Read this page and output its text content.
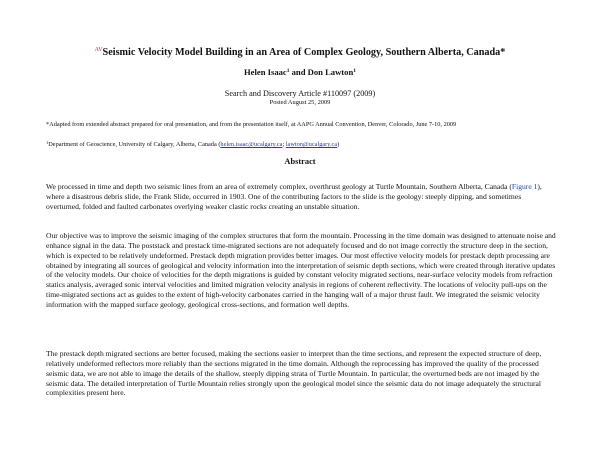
$^{AV}$Seismic Velocity Model Building in an Area of Complex Geology, Southern Alberta, Canada*
Helen Isaac$^1$ and Don Lawton$^1$
Search and Discovery Article #110097 (2009)
Posted August 25, 2009
*Adapted from extended abstract prepared for oral presentation, and from the presentation itself, at AAPG Annual Convention, Denver, Colorado, June 7-10, 2009
$^1$Department of Geoscience, University of Calgary, Alberta, Canada (helen.isaac@ucalgary.ca; lawton@ucalgary.ca)
Abstract
We processed in time and depth two seismic lines from an area of extremely complex, overthrust geology at Turtle Mountain, Southern Alberta, Canada (Figure 1), where a disastrous debris slide, the Frank Slide, occurred in 1903. One of the contributing factors to the slide is the geology: steeply dipping, and sometimes overturned, folded and faulted carbonates overlying weaker clastic rocks creating an unstable situation.
Our objective was to improve the seismic imaging of the complex structures that form the mountain. Processing in the time domain was designed to attenuate noise and enhance signal in the data. The poststack and prestack time-migrated sections are not adequately focused and do not image correctly the structure deep in the section, which is expected to be relatively undeformed. Prestack depth migration provides better images. Our most effective velocity models for prestack depth processing are obtained by integrating all sources of geological and velocity information into the interpretation of seismic depth sections, which were created through iterative updates of the velocity models. Our choice of velocities for the depth migrations is guided by constant velocity migrated sections, near-surface velocity models from refraction statics analysis, averaged sonic interval velocities and limited migration velocity analysis in regions of coherent reflectivity. The locations of velocity pull-ups on the time-migrated sections act as guides to the extent of high-velocity carbonates carried in the hanging wall of a major thrust fault. We integrated the seismic velocity information with the mapped surface geology, geological cross-sections, and formation well depths.
The prestack depth migrated sections are better focused, making the sections easier to interpret than the time sections, and represent the expected structure of deep, relatively undeformed reflectors more reliably than the sections migrated in the time domain. Although the reprocessing has improved the quality of the processed seismic data, we are not able to image the details of the shallow, steeply dipping strata of Turtle Mountain. In particular, the overturned beds are not imaged by the seismic data. The detailed interpretation of Turtle Mountain relies strongly upon the geological model since the seismic data do not image adequately the structural complexities present here.
